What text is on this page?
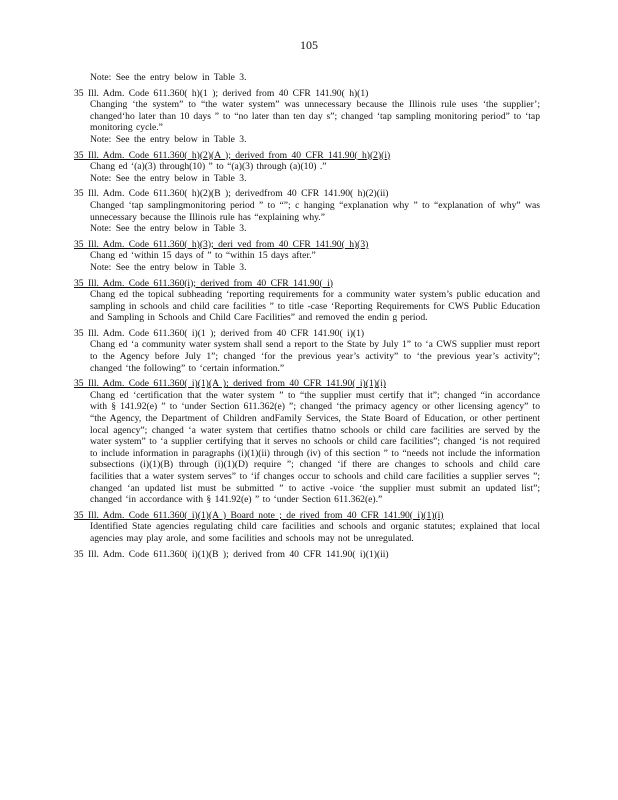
105
Note: See the entry below in Table 3.
35 Ill. Adm. Code 611.360( h)(1 ); derived from 40 CFR 141.90( h)(1)
Changing ‘the system” to “the water system” was unnecessary because the Illinois rule uses ‘the supplier’; changed‘ho later than 10 days ” to “no later than ten day s”; changed ‘tap sampling monitoring period” to ‘tap monitoring cycle.”
Note: See the entry below in Table 3.
35 Ill. Adm. Code 611.360( h)(2)(A ); derived from 40 CFR 141.90( h)(2)(i)
Chang ed ‘(a)(3) through(10) ” to “(a)(3) through (a)(10) .”
Note: See the entry below in Table 3.
35 Ill. Adm. Code 611.360( h)(2)(B ); derivedfrom 40 CFR 141.90( h)(2)(ii)
Changed ‘tap samplingmonitoring period ” to “”; c hanging “explanation why ” to “explanation of why” was unnecessary because the Illinois rule has “explaining why.”
Note: See the entry below in Table 3.
35 Ill. Adm. Code 611.360( h)(3); deri ved from 40 CFR 141.90( h)(3)
Chang ed ‘within 15 days of ” to “within 15 days after.”
Note: See the entry below in Table 3.
35 Ill. Adm. Code 611.360(i); derived from 40 CFR 141.90( i)
Chang ed the topical subheading ‘reporting requirements for a community water system’s public education and sampling in schools and child care facilities ” to title -case ‘Reporting Requirements for CWS Public Education and Sampling in Schools and Child Care Facilities” and removed the endin g period.
35 Ill. Adm. Code 611.360( i)(1 ); derived from 40 CFR 141.90( i)(1)
Chang ed ‘a community water system shall send a report to the State by July 1” to ‘a CWS supplier must report to the Agency before July 1”; changed ‘for the previous year’s activity” to ‘the previous year’s activity”; changed ‘the following” to ‘certain information.”
35 Ill. Adm. Code 611.360( i)(1)(A ); derived from 40 CFR 141.90( i)(1)(i)
Chang ed ‘certification that the water system ” to “the supplier must certify that it”; changed “in accordance with § 141.92(e) ” to ‘under Section 611.362(e) ”; changed ‘the primacy agency or other licensing agency” to “the Agency, the Department of Children andFamily Services, the State Board of Education, or other pertinent local agency”; changed ‘a water system that certifies thatno schools or child care facilities are served by the water system” to ‘a supplier certifying that it serves no schools or child care facilities”; changed ‘is not required to include information in paragraphs (i)(1)(ii) through (iv) of this section ” to “needs not include the information subsections (i)(1)(B) through (i)(1)(D) require ”; changed ‘if there are changes to schools and child care facilities that a water system serves” to ‘if changes occur to schools and child care facilities a supplier serves ”; changed ‘an updated list must be submitted ” to active -voice ‘the supplier must submit an updated list”; changed ‘in accordance with § 141.92(e) ” to ‘under Section 611.362(e).”
35 Ill. Adm. Code 611.360( i)(1)(A ) Board note ; de rived from 40 CFR 141.90( i)(1)(i)
Identified State agencies regulating child care facilities and schools and organic statutes; explained that local agencies may play arole, and some facilities and schools may not be unregulated.
35 Ill. Adm. Code 611.360( i)(1)(B ); derived from 40 CFR 141.90( i)(1)(ii)
